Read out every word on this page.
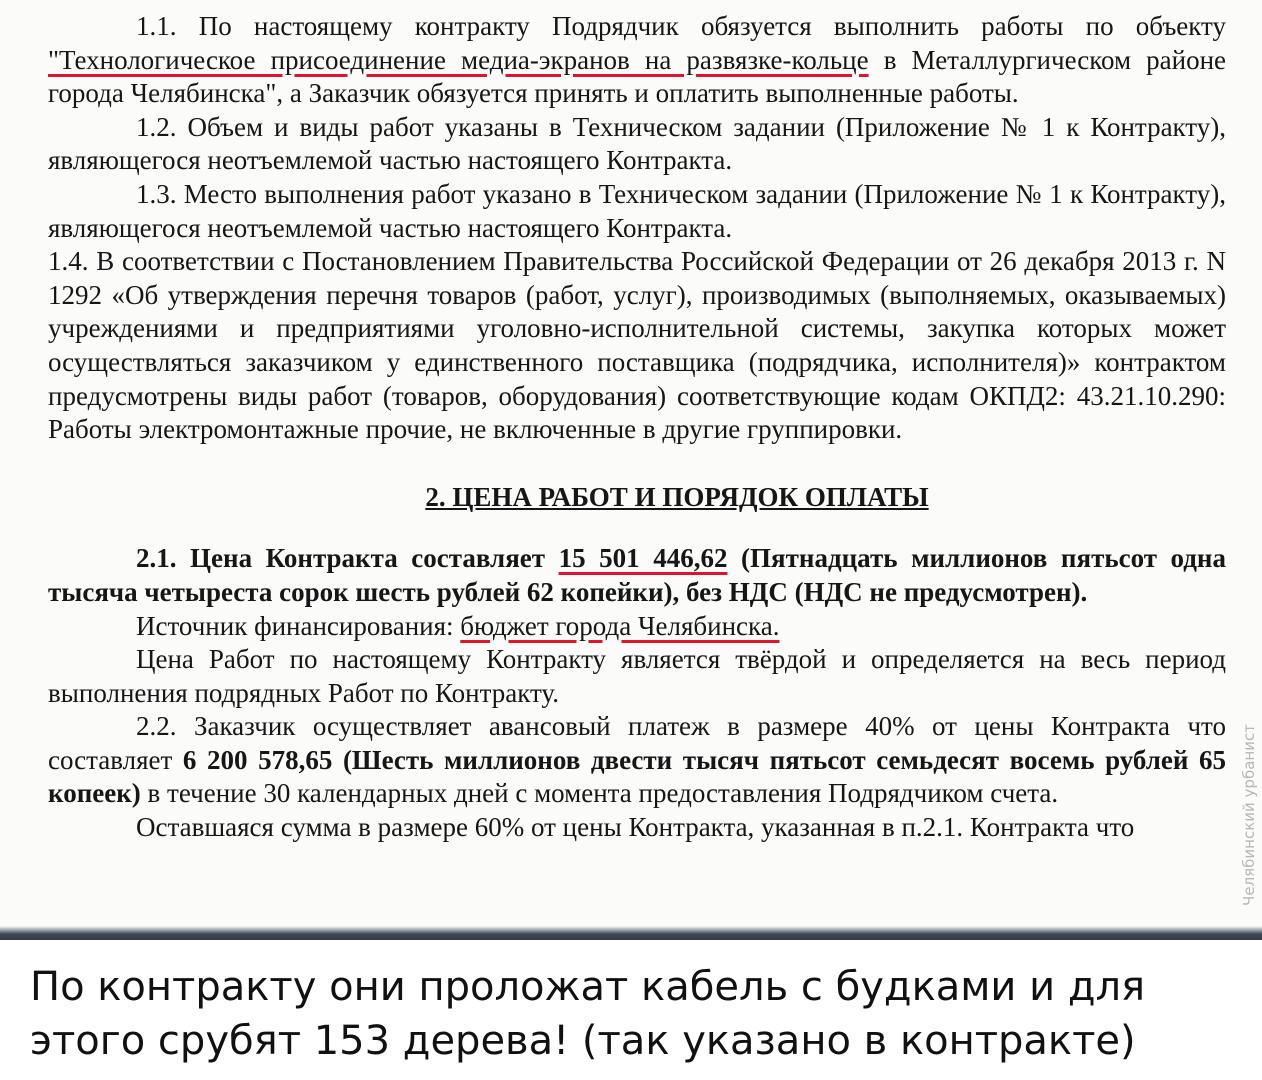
1.1. По настоящему контракту Подрядчик обязуется выполнить работы по объекту "Технологическое присоединение медиа-экранов на развязке-кольце в Металлургическом районе города Челябинска", а Заказчик обязуется принять и оплатить выполненные работы.

1.2. Объем и виды работ указаны в Техническом задании (Приложение № 1 к Контракту), являющегося неотъемлемой частью настоящего Контракта.

1.3. Место выполнения работ указано в Техническом задании (Приложение № 1 к Контракту), являющегося неотъемлемой частью настоящего Контракта.

1.4. В соответствии с Постановлением Правительства Российской Федерации от 26 декабря 2013 г. N 1292 «Об утверждения перечня товаров (работ, услуг), производимых (выполняемых, оказываемых) учреждениями и предприятиями уголовно-исполнительной системы, закупка которых может осуществляться заказчиком у единственного поставщика (подрядчика, исполнителя)» контрактом предусмотрены виды работ (товаров, оборудования) соответствующие кодам ОКПД2: 43.21.10.290: Работы электромонтажные прочие, не включенные в другие группировки.

2. ЦЕНА РАБОТ И ПОРЯДОК ОПЛАТЫ

2.1. Цена Контракта составляет 15 501 446,62 (Пятнадцать миллионов пятьсот одна тысяча четыреста сорок шесть рублей 62 копейки), без НДС (НДС не предусмотрен).

Источник финансирования: бюджет города Челябинска.

Цена Работ по настоящему Контракту является твёрдой и определяется на весь период выполнения подрядных Работ по Контракту.

2.2. Заказчик осуществляет авансовый платеж в размере 40% от цены Контракта что составляет 6 200 578,65 (Шесть миллионов двести тысяч пятьсот семьдесят восемь рублей 65 копеек) в течение 30 календарных дней с момента предоставления Подрядчиком счета.

Оставшаяся сумма в размере 60% от цены Контракта, указанная в п.2.1. Контракта что	Челябинский урбанист
По контракту они проложат кабель с будками и для этого срубят 153 дерева! (так указано в контракте)
